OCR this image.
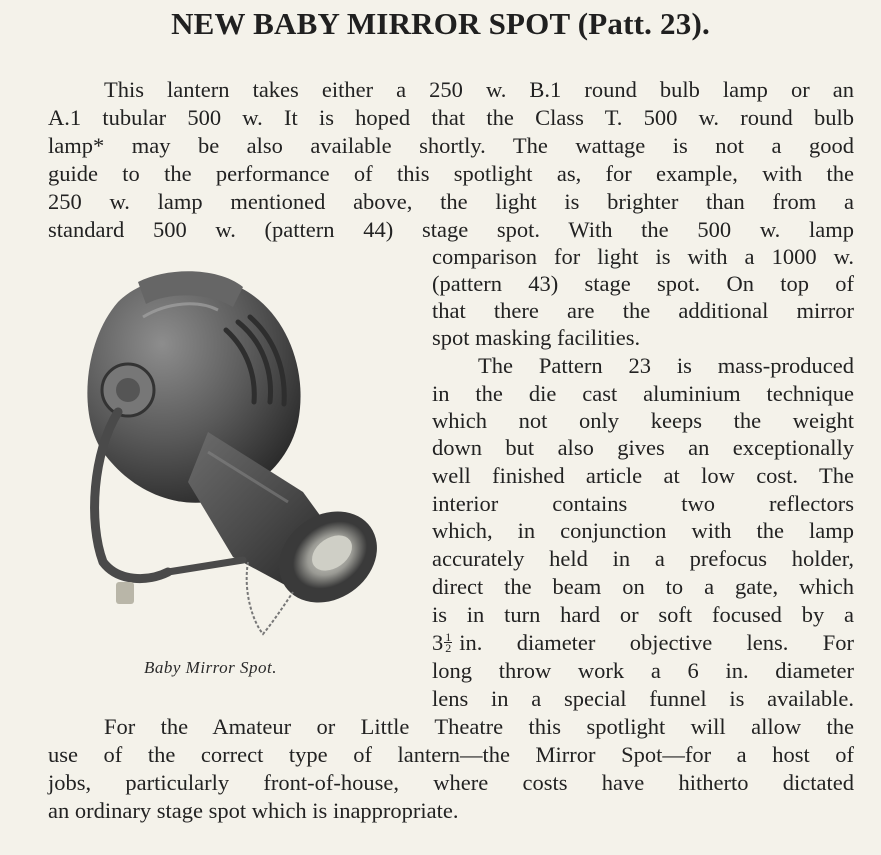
NEW BABY MIRROR SPOT (Patt. 23).
This lantern takes either a 250 w. B.1 round bulb lamp or an
A.1 tubular 500 w. It is hoped that the Class T. 500 w. round bulb
lamp* may be also available shortly. The wattage is not a good
guide to the performance of this spotlight as, for example, with the
250 w. lamp mentioned above, the light is brighter than from a
standard 500 w. (pattern 44) stage spot. With the 500 w. lamp
comparison for light is with a 1000 w.
(pattern 43) stage spot. On top of
that there are the additional mirror
spot masking facilities.
The Pattern 23 is mass-produced
in the die cast aluminium technique
which not only keeps the weight
down but also gives an exceptionally
well finished article at low cost. The
interior contains two reflectors
which, in conjunction with the lamp
accurately held in a prefocus holder,
direct the beam on to a gate, which
is in turn hard or soft focused by a
$3 \frac{1}{2}$ in. diameter objective lens. For
long throw work a 6 in. diameter
lens in a special funnel is available.
For the Amateur or Little Theatre this spotlight will allow the
use of the correct type of lantern—the Mirror Spot—for a host of
jobs, particularly front-of-house, where costs have hitherto dictated
an ordinary stage spot which is inappropriate.
Baby Mirror Spot.
